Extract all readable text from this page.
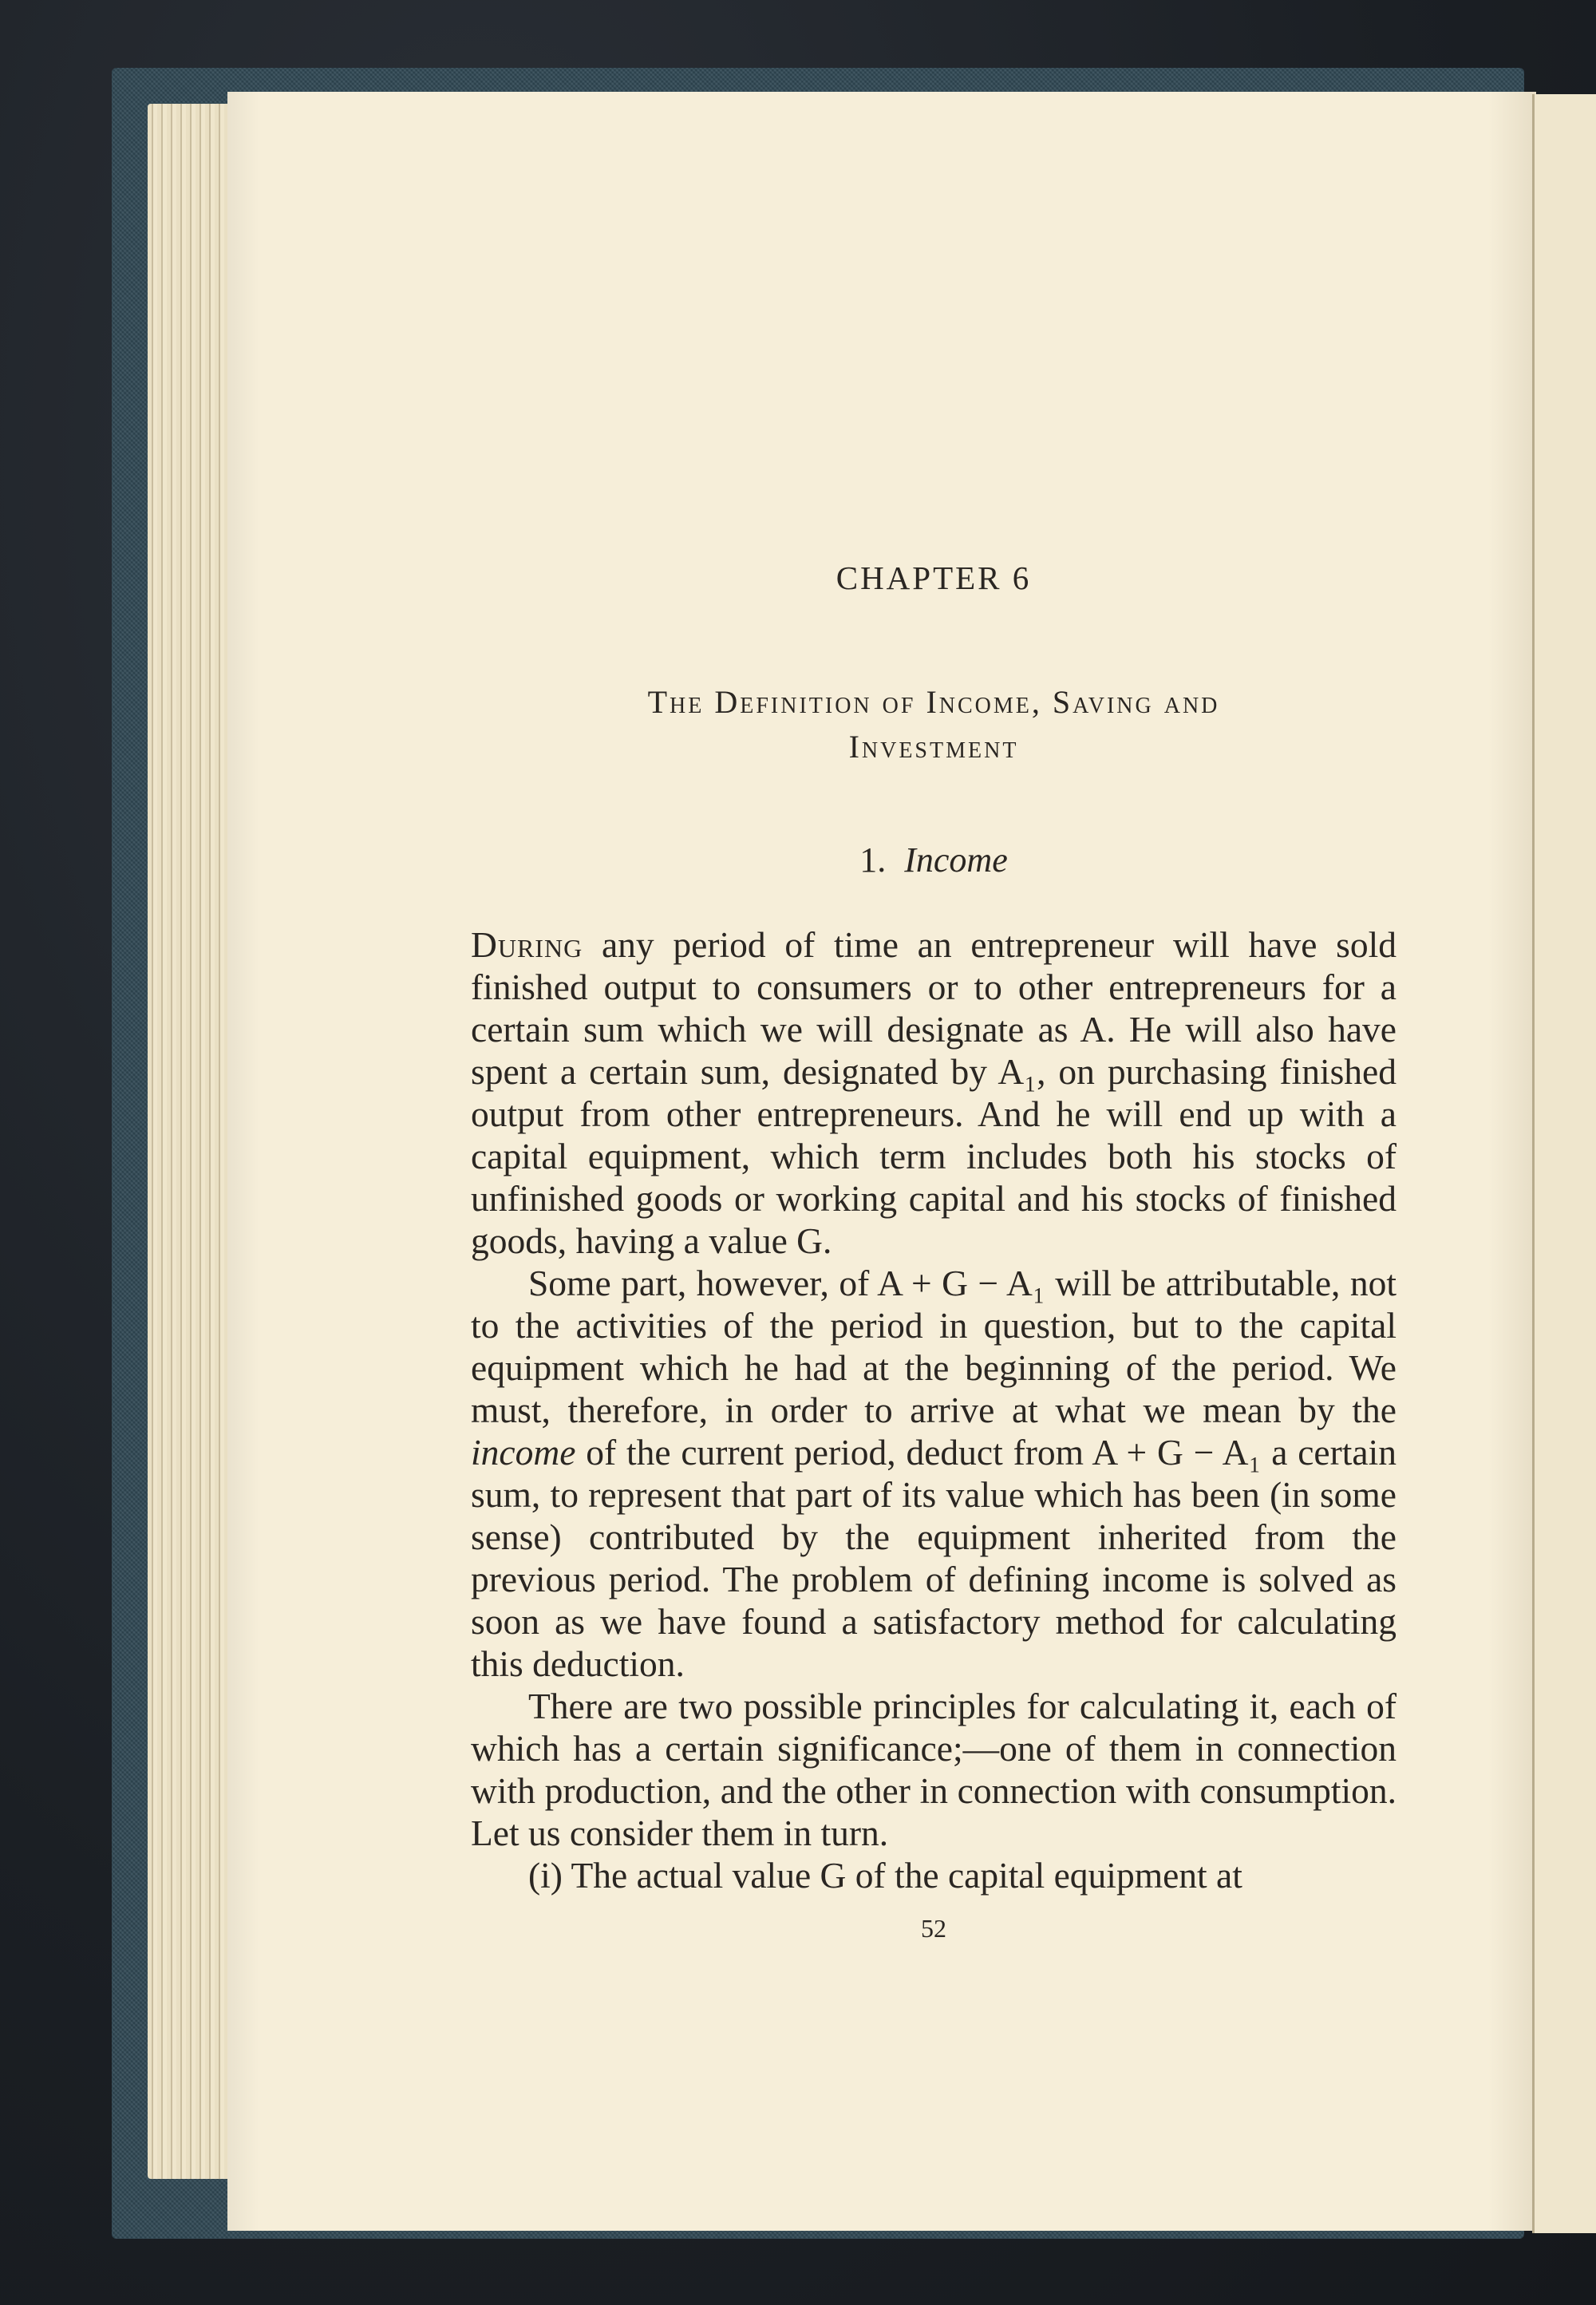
CHAPTER 6
The Definition of Income, Saving and
Investment
1. Income

During any period of time an entrepreneur will have sold finished output to consumers or to other entrepreneurs for a certain sum which we will designate as A. He will also have spent a certain sum, designated by A₁, on purchasing finished output from other entrepreneurs. And he will end up with a capital equipment, which term includes both his stocks of unfinished goods or working capital and his stocks of finished goods, having a value G.

Some part, however, of A + G − A₁ will be attributable, not to the activities of the period in question, but to the capital equipment which he had at the beginning of the period. We must, therefore, in order to arrive at what we mean by the income of the current period, deduct from A + G − A₁ a certain sum, to represent that part of its value which has been (in some sense) contributed by the equipment inherited from the previous period. The problem of defining income is solved as soon as we have found a satisfactory method for calculating this deduction.

There are two possible principles for calculating it, each of which has a certain significance;—one of them in connection with production, and the other in connection with consumption. Let us consider them in turn.

(i) The actual value G of the capital equipment at

52
